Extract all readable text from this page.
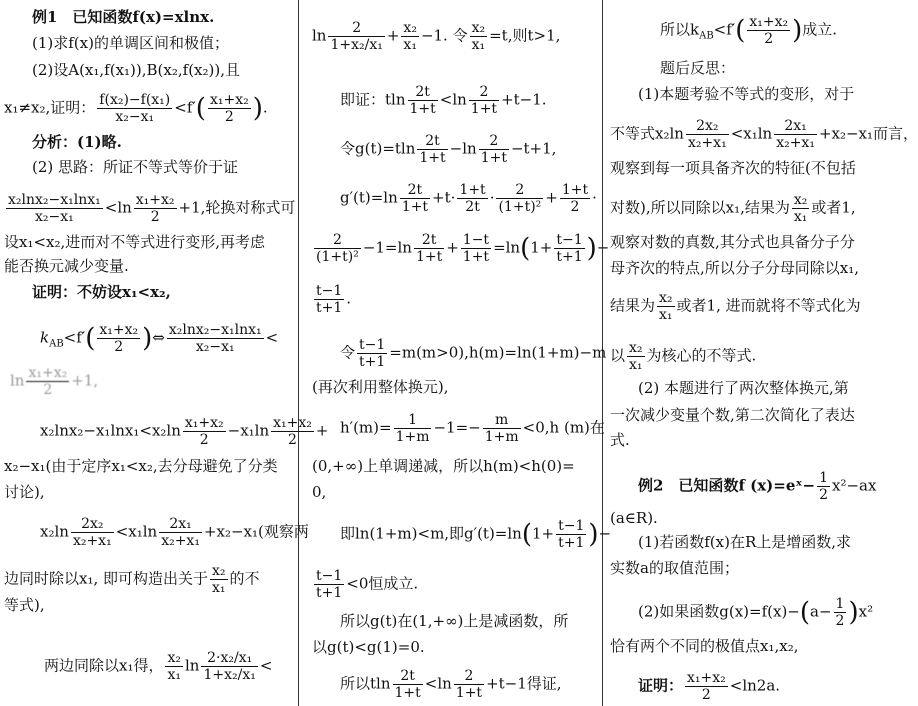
例1　已知函数f(x)=xlnx.
(1)求f(x)的单调区间和极值；
(2)设A(x₁,f(x₁)),B(x₂,f(x₂)),且
x₁≠x₂,证明： $\frac{\text{f(x₂)−f(x₁)}}{\text{x₂−x₁}} <f'( \frac{\text{x₁+x₂}}{2}$ ).
分析：(1)略.
(2) 思路：所证不等式等价于证
$\frac{\text{x₂lnx₂−x₁lnx₁}}{\text{x₂−x₁}} <\ln \frac{\text{x₁+x₂}}{2} +1$,轮换对称式可
设x₁<x₂,进而对不等式进行变形,再考虑
能否换元减少变量.
证明：不妨设x₁<x₂,
$k_{AB}<f'( \frac{\text{x₁+x₂}}{2}$ )⇔ $\frac{\text{x₂lnx₂−x₁lnx₁}}{\text{x₂−x₁}}$ <
$\ln \frac{\text{x₁+x₂}}{2} +1$,
$x_2\ln x_2-x_1\ln x_1<x_2\ln \frac{\text{x₁+x₂}}{2} -x_1\ln \frac{\text{x₁+x₂}}{2}$ +
x₂−x₁(由于定序x₁<x₂,去分母避免了分类
讨论),
$x_2\ln \frac{\text{2x₂}}{\text{x₂+x₁}} <x_1\ln \frac{\text{2x₁}}{\text{x₂+x₁}} +x_2-x_1$(观察两
边同时除以x₁, 即可构造出关于 $\frac{\text{x₂}}{\text{x₁}}$ 的不
等式),
两边同除以x₁得， $\frac{\text{x₂}}{\text{x₁}}$ $\ln \frac{\text{2·x₂/x₁}}{\text{1+x₂/x₁}}$ <
$\ln \frac{2}{\text{1+x₂/x₁}} + \frac{\text{x₂}}{\text{x₁}} -1$. 令 $\frac{\text{x₂}}{\text{x₁}} =t$,则t>1,
即证：tln $\frac{2t}{1+t} <\ln \frac{2}{1+t} +t-1$.
令$g(t)=tln \frac{2t}{1+t} -\ln \frac{2}{1+t} -t+1$,
$g'(t)=\ln \frac{2t}{1+t} +t\cdot \frac{1+t}{2t} \cdot \frac{2}{\text{(1+t)²}} + \frac{1+t}{2}$ ·
$\frac{2}{\text{(1+t)²}} -1=\ln \frac{2t}{1+t} + \frac{1-t}{1+t} =\ln(1+ \frac{t-1}{t+1}$ )−
$\frac{t-1}{t+1}$ .
令 $\frac{t-1}{t+1} =m(m>0),h(m)=\ln(1+m)-m$
(再次利用整体换元),
$h'(m)= \frac{1}{1+m} -1=- \frac{m}{1+m} <0,h$ (m)在
(0,+∞)上单调递减，所以h(m)<h(0)=
0,
即ln(1+m)<m,即$g'(t)=\ln(1+ \frac{t-1}{t+1}$ )−
$\frac{t-1}{t+1} <0$恒成立.
所以g(t)在(1,+∞)上是减函数，所
以g(t)<g(1)=0.
所以tln $\frac{2t}{1+t} <\ln \frac{2}{1+t} +t-1$得证,
所以$k_{AB}<f'( \frac{\text{x₁+x₂}}{2}$ )成立.
题后反思：
(1)本题考验不等式的变形，对于
不等式$x_2\ln \frac{\text{2x₂}}{\text{x₂+x₁}} <x_1\ln \frac{\text{2x₁}}{\text{x₂+x₁}} +x_2-x_1$而言，
观察到每一项具备齐次的特征(不包括
对数),所以同除以x₁,结果为 $\frac{\text{x₂}}{\text{x₁}}$ 或者1,
观察对数的真数,其分式也具备分子分
母齐次的特点,所以分子分母同除以x₁,
结果为 $\frac{\text{x₂}}{\text{x₁}}$ 或者1, 进而就将不等式化为
以 $\frac{\text{x₂}}{\text{x₁}}$ 为核心的不等式.
(2) 本题进行了两次整体换元,第
一次减少变量个数,第二次简化了表达
式.
例2　已知函数f (x)=eˣ− $\frac{1}{2} x^2-ax$
(a∈R).
(1)若函数f(x)在R上是增函数,求
实数a的取值范围；
(2)如果函数$g(x)=f(x)-(a- \frac{1}{2} )x^2$
恰有两个不同的极值点x₁,x₂,
证明： $\frac{\text{x₁+x₂}}{2} <\ln 2a$.
